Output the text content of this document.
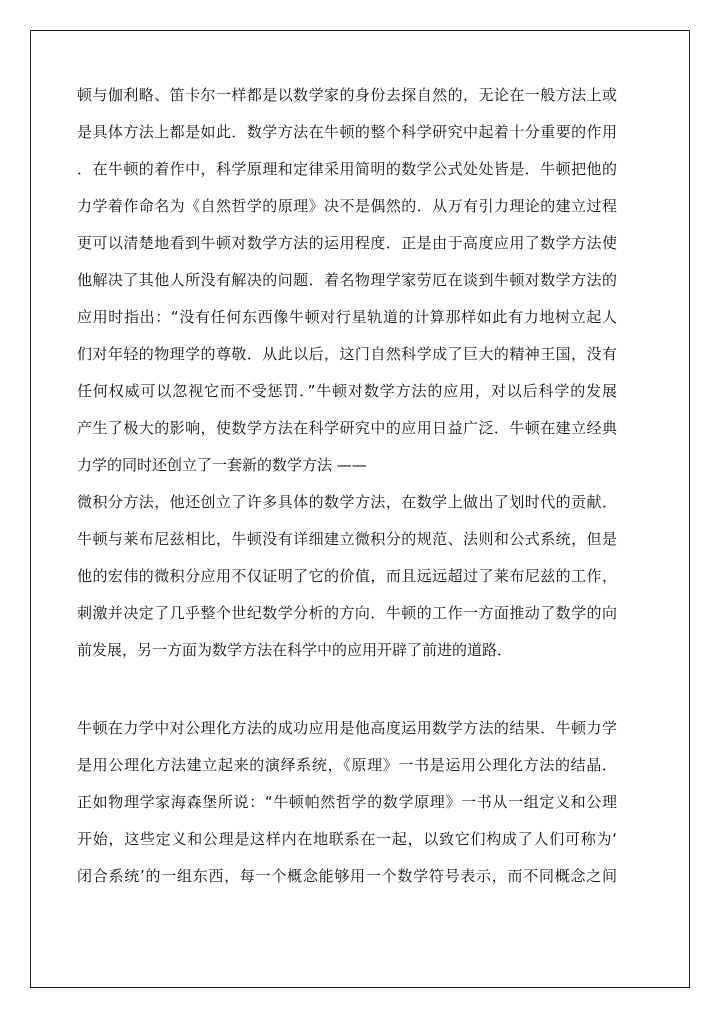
顿与伽利略、笛卡尔一样都是以数学家的身份去探自然的，无论在一般方法上或
是具体方法上都是如此．数学方法在牛顿的整个科学研究中起着十分重要的作用
．在牛顿的着作中，科学原理和定律采用简明的数学公式处处皆是．牛顿把他的
力学着作命名为《自然哲学的原理》决不是偶然的．从万有引力理论的建立过程
更可以清楚地看到牛顿对数学方法的运用程度．正是由于高度应用了数学方法使
他解决了其他人所没有解决的问题．着名物理学家劳厄在谈到牛顿对数学方法的
应用时指出：“没有任何东西像牛顿对行星轨道的计算那样如此有力地树立起人
们对年轻的物理学的尊敬．从此以后，这门自然科学成了巨大的精神王国，没有
任何权威可以忽视它而不受惩罚．”牛顿对数学方法的应用，对以后科学的发展
产生了极大的影响，使数学方法在科学研究中的应用日益广泛．牛顿在建立经典
力学的同时还创立了一套新的数学方法 ——
微积分方法，他还创立了许多具体的数学方法，在数学上做出了划时代的贡献．
牛顿与莱布尼兹相比，牛顿没有详细建立微积分的规范、法则和公式系统，但是
他的宏伟的微积分应用不仅证明了它的价值，而且远远超过了莱布尼兹的工作，
刺激并决定了几乎整个世纪数学分析的方向．牛顿的工作一方面推动了数学的向
前发展，另一方面为数学方法在科学中的应用开辟了前进的道路．
牛顿在力学中对公理化方法的成功应用是他高度运用数学方法的结果．牛顿力学
是用公理化方法建立起来的演绎系统，《原理》一书是运用公理化方法的结晶．
正如物理学家海森堡所说：“牛顿帕然哲学的数学原理》一书从一组定义和公理
开始，这些定义和公理是这样内在地联系在一起，以致它们构成了人们可称为‘
闭合系统’的一组东西，每一个概念能够用一个数学符号表示，而不同概念之间
